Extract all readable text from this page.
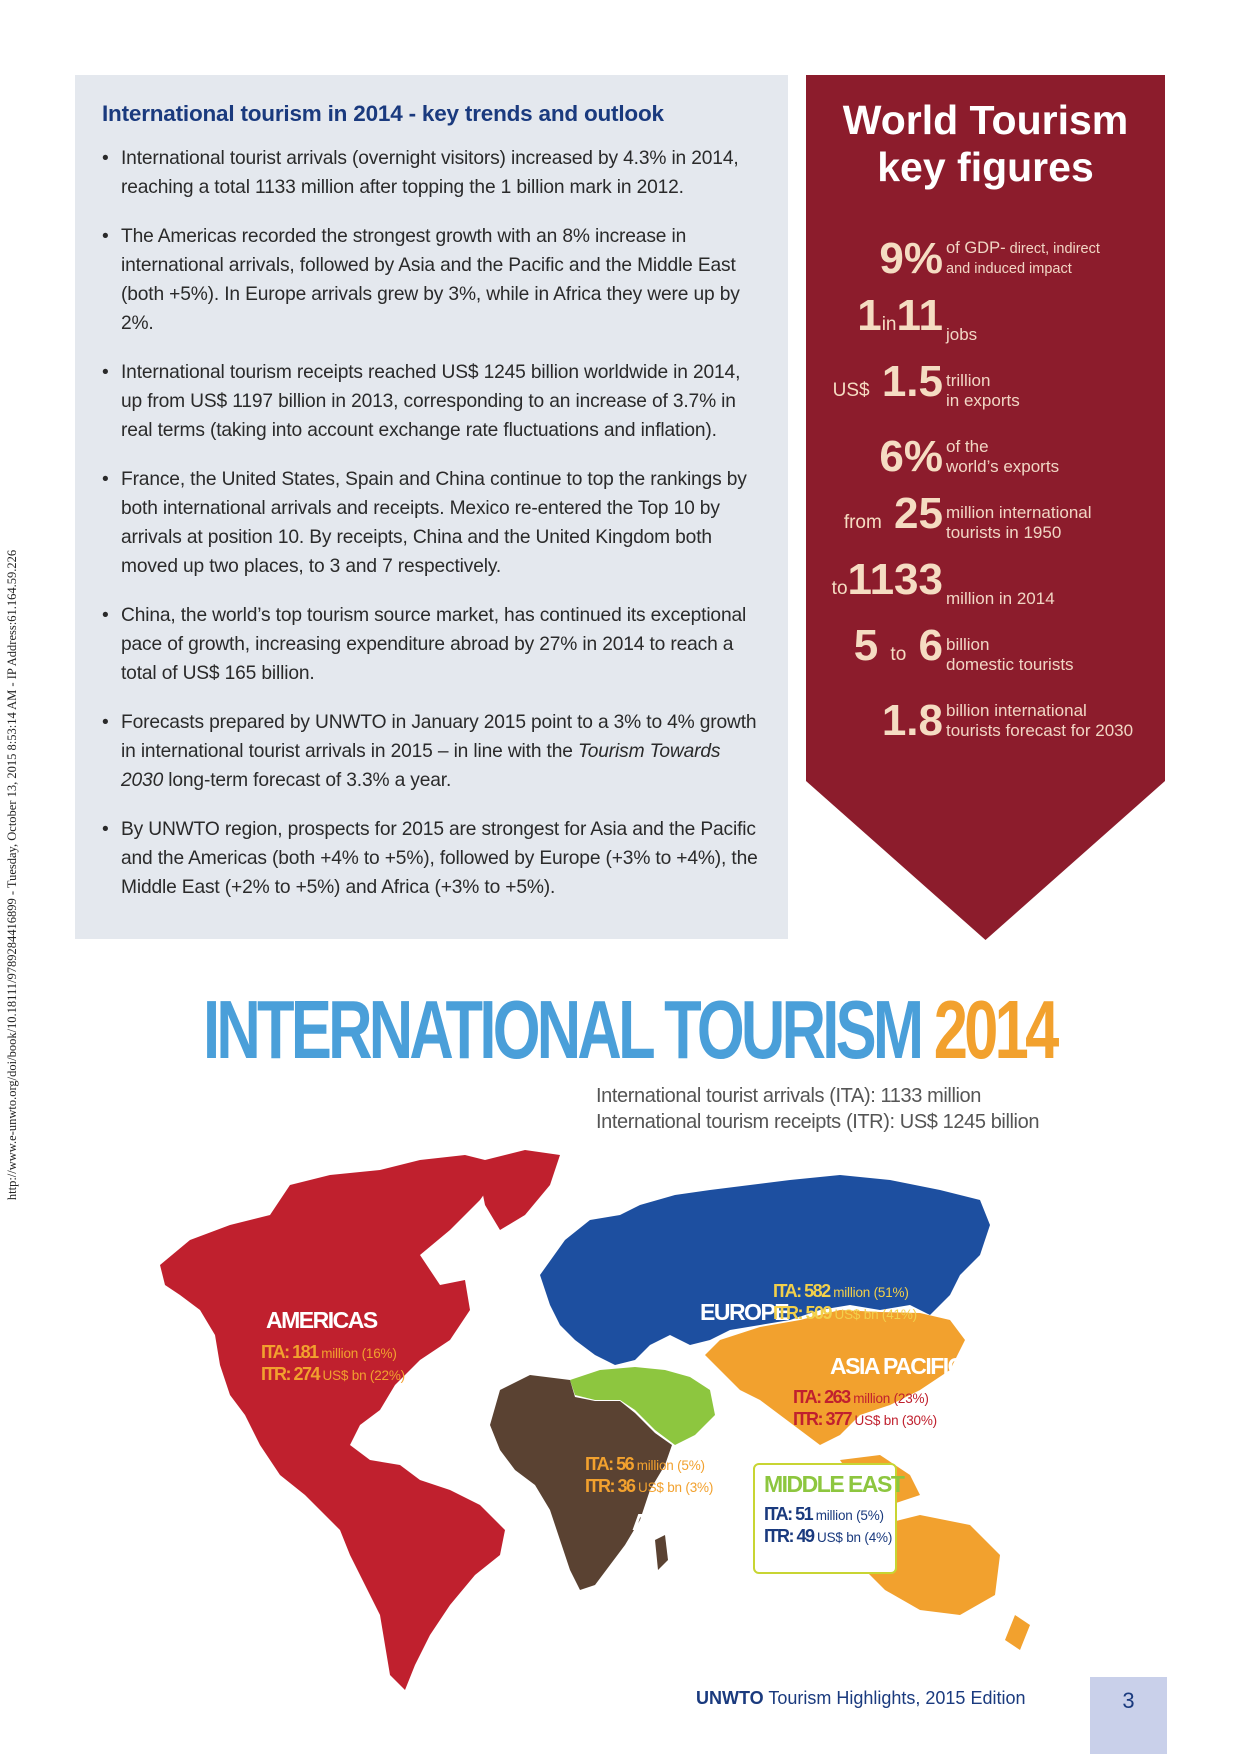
http://www.e-unwto.org/doi/book/10.18111/9789284416899 - Tuesday, October 13, 2015 8:53:14 AM - IP Address:61.164.59.226
International tourism in 2014 - key trends and outlook
• International tourist arrivals (overnight visitors) increased by 4.3% in 2014, reaching a total 1133 million after topping the 1 billion mark in 2012.
• The Americas recorded the strongest growth with an 8% increase in international arrivals, followed by Asia and the Pacific and the Middle East (both +5%). In Europe arrivals grew by 3%, while in Africa they were up by 2%.
• International tourism receipts reached US$ 1245 billion worldwide in 2014, up from US$ 1197 billion in 2013, corresponding to an increase of 3.7% in real terms (taking into account exchange rate fluctuations and inflation).
• France, the United States, Spain and China continue to top the rankings by both international arrivals and receipts. Mexico re-entered the Top 10 by arrivals at position 10. By receipts, China and the United Kingdom both moved up two places, to 3 and 7 respectively.
• China, the world’s top tourism source market, has continued its exceptional pace of growth, increasing expenditure abroad by 27% in 2014 to reach a total of US$ 165 billion.
• Forecasts prepared by UNWTO in January 2015 point to a 3% to 4% growth in international tourist arrivals in 2015 – in line with the Tourism Towards 2030 long-term forecast of 3.3% a year.
• By UNWTO region, prospects for 2015 are strongest for Asia and the Pacific and the Americas (both +4% to +5%), followed by Europe (+3% to +4%), the Middle East (+2% to +5%) and Africa (+3% to +5%).
World Tourism
key figures
9% of GDP- direct, indirect
and induced impact
1in11 jobs
US$ 1.5 trillion
in exports
6% of the
world’s exports
from 25 million international
tourists in 1950
to1133 million in 2014
5 to 6 billion
domestic tourists
1.8 billion international
tourists forecast for 2030
INTERNATIONAL TOURISM 2014
International tourist arrivals (ITA): 1133 million
International tourism receipts (ITR): US$ 1245 billion
AMERICAS
ITA: 181 million (16%)
ITR: 274 US$ bn (22%)
EUROPE
ITA: 582 million (51%)
ITR: 509 US$ bn (41%)
ASIA PACIFIC
ITA: 263 million (23%)
ITR: 377 US$ bn (30%)
ITA: 56 million (5%)
ITR: 36 US$ bn (3%)
AFRICA
MIDDLE EAST
ITA: 51 million (5%)
ITR: 49 US$ bn (4%)
UNWTO Tourism Highlights, 2015 Edition	3
